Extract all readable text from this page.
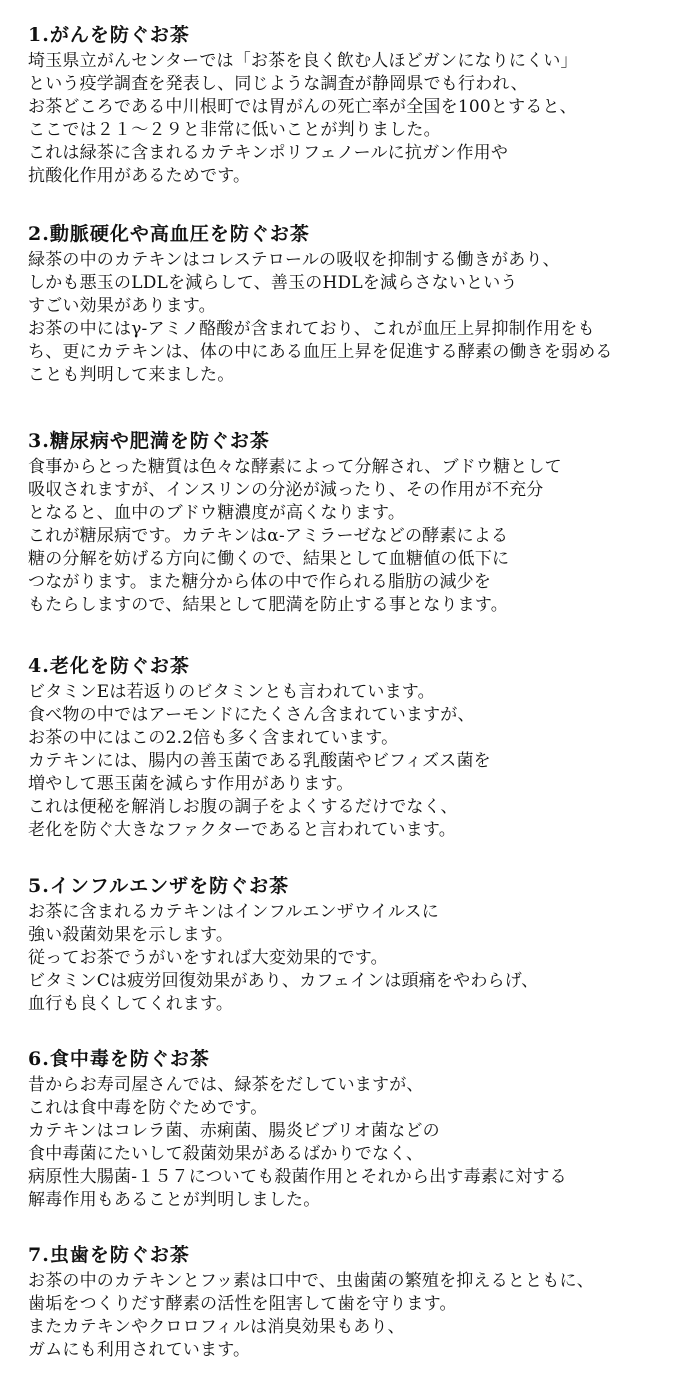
1.がんを防ぐお茶
埼玉県立がんセンターでは「お茶を良く飲む人ほどガンになりにくい」
という疫学調査を発表し、同じような調査が静岡県でも行われ、
お茶どころである中川根町では胃がんの死亡率が全国を100とすると、
ここでは２１～２９と非常に低いことが判りました。
これは緑茶に含まれるカテキンポリフェノールに抗ガン作用や
抗酸化作用があるためです。
2.動脈硬化や高血圧を防ぐお茶
緑茶の中のカテキンはコレステロールの吸収を抑制する働きがあり、
しかも悪玉のLDLを減らして、善玉のHDLを減らさないという
すごい効果があります。
お茶の中にはγ-アミノ酪酸が含まれており、これが血圧上昇抑制作用をも
ち、更にカテキンは、体の中にある血圧上昇を促進する酵素の働きを弱める
ことも判明して来ました。
3.糖尿病や肥満を防ぐお茶
食事からとった糖質は色々な酵素によって分解され、ブドウ糖として
吸収されますが、インスリンの分泌が減ったり、その作用が不充分
となると、血中のブドウ糖濃度が高くなります。
これが糖尿病です。カテキンはα-アミラーゼなどの酵素による
糖の分解を妨げる方向に働くので、結果として血糖値の低下に
つながります。また糖分から体の中で作られる脂肪の減少を
もたらしますので、結果として肥満を防止する事となります。
4.老化を防ぐお茶
ビタミンEは若返りのビタミンとも言われています。
食べ物の中ではアーモンドにたくさん含まれていますが、
お茶の中にはこの2.2倍も多く含まれています。
カテキンには、腸内の善玉菌である乳酸菌やビフィズス菌を
増やして悪玉菌を減らす作用があります。
これは便秘を解消しお腹の調子をよくするだけでなく、
老化を防ぐ大きなファクターであると言われています。
5.インフルエンザを防ぐお茶
お茶に含まれるカテキンはインフルエンザウイルスに
強い殺菌効果を示します。
従ってお茶でうがいをすれば大変効果的です。
ビタミンCは疲労回復効果があり、カフェインは頭痛をやわらげ、
血行も良くしてくれます。
6.食中毒を防ぐお茶
昔からお寿司屋さんでは、緑茶をだしていますが、
これは食中毒を防ぐためです。
カテキンはコレラ菌、赤痢菌、腸炎ビブリオ菌などの
食中毒菌にたいして殺菌効果があるばかりでなく、
病原性大腸菌-１５７についても殺菌作用とそれから出す毒素に対する
解毒作用もあることが判明しました。
7.虫歯を防ぐお茶
お茶の中のカテキンとフッ素は口中で、虫歯菌の繁殖を抑えるとともに、
歯垢をつくりだす酵素の活性を阻害して歯を守ります。
またカテキンやクロロフィルは消臭効果もあり、
ガムにも利用されています。
